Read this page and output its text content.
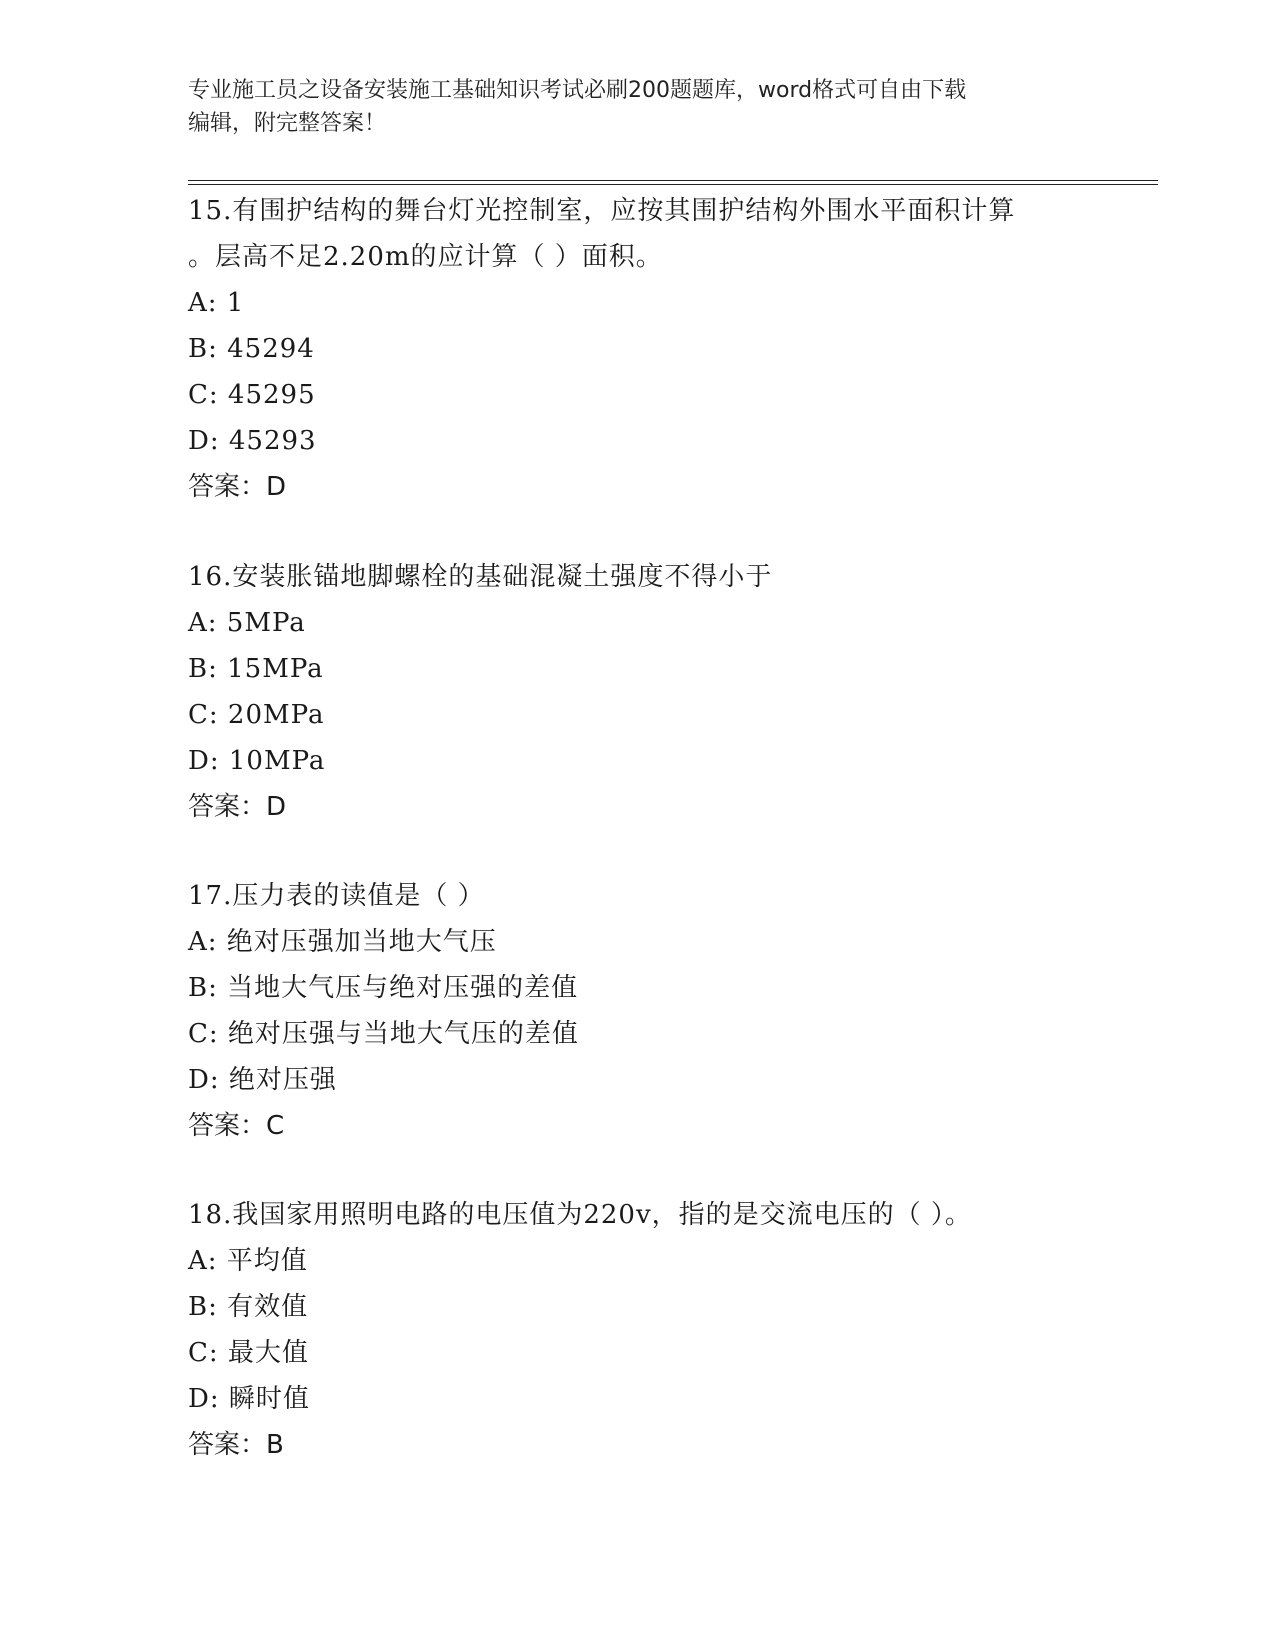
专业施工员之设备安装施工基础知识考试必刷200题题库，word格式可自由下载
编辑，附完整答案！

15.有围护结构的舞台灯光控制室，应按其围护结构外围水平面积计算

。层高不足2.20m的应计算（ ）面积。

A: 1

B: 45294

C: 45295

D: 45293

答案：D

16.安装胀锚地脚螺栓的基础混凝土强度不得小于

A: 5MPa

B: 15MPa

C: 20MPa

D: 10MPa

答案：D

17.压力表的读值是（ ）

A: 绝对压强加当地大气压

B: 当地大气压与绝对压强的差值

C: 绝对压强与当地大气压的差值

D: 绝对压强

答案：C

18.我国家用照明电路的电压值为220v，指的是交流电压的（ ）。

A: 平均值

B: 有效值

C: 最大值

D: 瞬时值

答案：B
